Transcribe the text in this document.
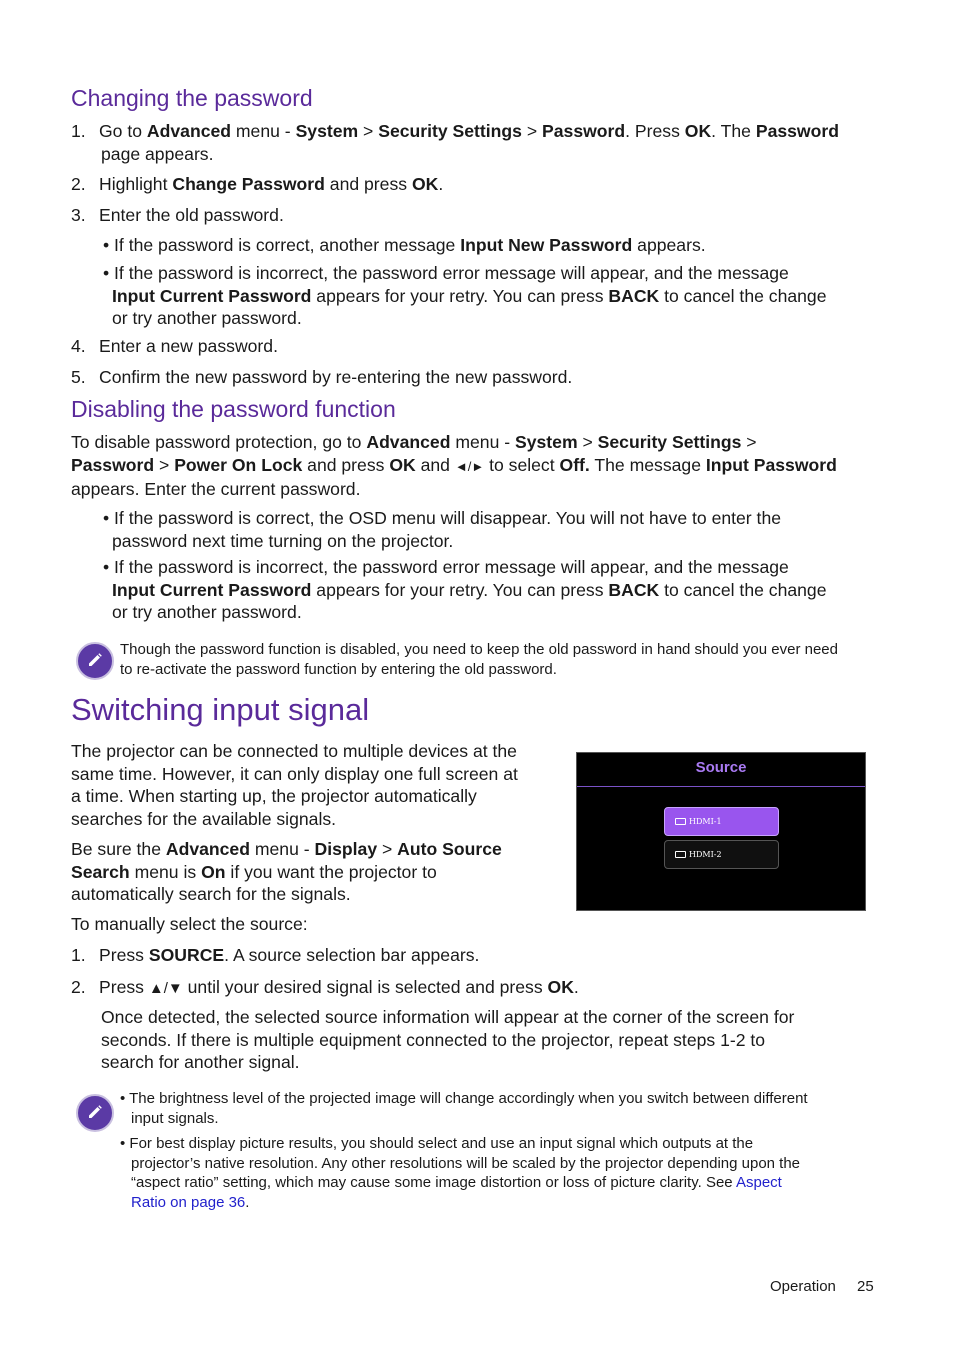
Changing the password
1. Go to Advanced menu - System > Security Settings > Password. Press OK. The Password
page appears.
2. Highlight Change Password and press OK.
3. Enter the old password.
• If the password is correct, another message Input New Password appears.
• If the password is incorrect, the password error message will appear, and the message
Input Current Password appears for your retry. You can press BACK to cancel the change
or try another password.
4. Enter a new password.
5. Confirm the new password by re-entering the new password.
Disabling the password function
To disable password protection, go to Advanced menu - System > Security Settings >
Password > Power On Lock and press OK and ◄/► to select Off. The message Input Password
appears. Enter the current password.
• If the password is correct, the OSD menu will disappear. You will not have to enter the
password next time turning on the projector.
• If the password is incorrect, the password error message will appear, and the message
Input Current Password appears for your retry. You can press BACK to cancel the change
or try another password.
Though the password function is disabled, you need to keep the old password in hand should you ever need
to re-activate the password function by entering the old password.
Switching input signal
The projector can be connected to multiple devices at the
same time. However, it can only display one full screen at
a time. When starting up, the projector automatically
searches for the available signals.
Be sure the Advanced menu - Display > Auto Source
Search menu is On if you want the projector to
automatically search for the signals.
To manually select the source:
1. Press SOURCE. A source selection bar appears.
2. Press ▲/▼ until your desired signal is selected and press OK.
Once detected, the selected source information will appear at the corner of the screen for
seconds. If there is multiple equipment connected to the projector, repeat steps 1-2 to
search for another signal.
• The brightness level of the projected image will change accordingly when you switch between different
input signals.
• For best display picture results, you should select and use an input signal which outputs at the
projector’s native resolution. Any other resolutions will be scaled by the projector depending upon the
“aspect ratio” setting, which may cause some image distortion or loss of picture clarity. See Aspect
Ratio on page 36.
Source
HDMI-1
HDMI-2
Operation 25
